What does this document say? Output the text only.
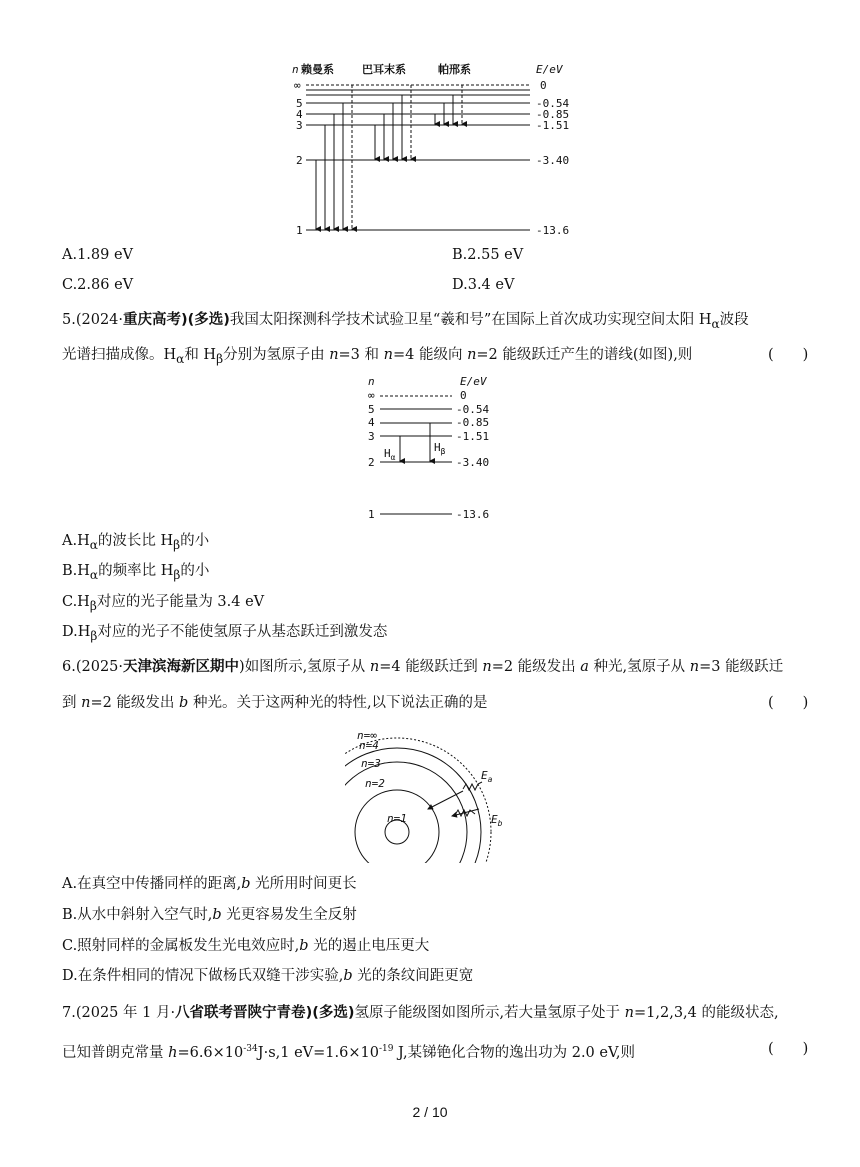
n 赖曼系	巴耳末系	帕邢系	E/eV
∞
5
4
3
2
1
0
-0.54
-0.85
-1.51
-3.40
-13.6
A.1.89 eV	B.2.55 eV
C.2.86 eV	D.3.4 eV
5.(2024·重庆高考)(多选)我国太阳探测科学技术试验卫星“羲和号”在国际上首次成功实现空间太阳 $H_\alpha$波段
光谱扫描成像。$H_\alpha$和 $H_\beta$分别为氢原子由 n=3 和 n=4 能级向 n=2 能级跃迁产生的谱线(如图),则	(　　)
n	E/eV
∞
5
4
3
2
1
0
-0.54
-0.85
-1.51
-3.40
-13.6
$H_\alpha$
$H_\beta$
$A.H_\alpha$的波长比 $H_\beta$的小
$B.H_\alpha$的频率比 $H_\beta$的小
$C.H_\beta$对应的光子能量为 3.4 eV
$D.H_\beta$对应的光子不能使氢原子从基态跃迁到激发态
6.(2025·天津滨海新区期中)如图所示,氢原子从 n=4 能级跃迁到 n=2 能级发出 a 种光,氢原子从 n=3 能级跃迁
到 n=2 能级发出 b 种光。关于这两种光的特性,以下说法正确的是	(　　)
n=∞
n=4
n=3
n=2
n=1
$E_a$
$E_b$
A.在真空中传播同样的距离,b 光所用时间更长
B.从水中斜射入空气时,b 光更容易发生全反射
C.照射同样的金属板发生光电效应时,b 光的遏止电压更大
D.在条件相同的情况下做杨氏双缝干涉实验,b 光的条纹间距更宽
7.(2025 年 1 月·八省联考晋陕宁青卷)(多选)氢原子能级图如图所示,若大量氢原子处于 n=1,2,3,4 的能级状态,
已知普朗克常量 $h=6.6\times 10^{-34}J\cdot s,1$ $eV=1.6\times 10^{-19}$ J,某锑铯化合物的逸出功为 2.0 eV,则	(　　)
2 / 10
